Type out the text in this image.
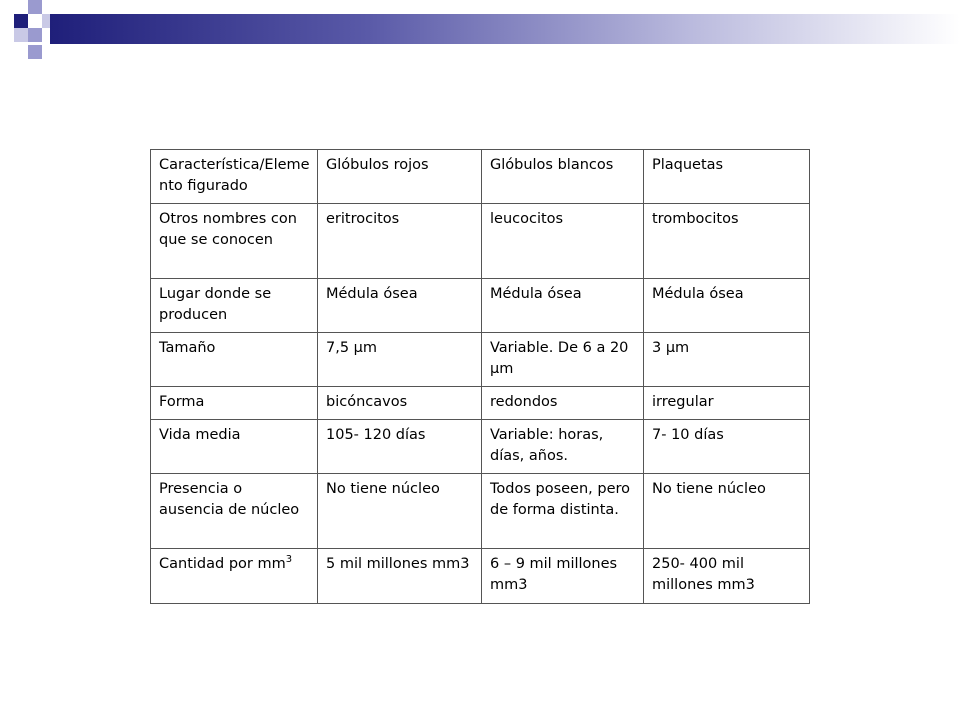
Característica/Elemento figurado	Glóbulos rojos	Glóbulos blancos	Plaquetas
Otros nombres con que se conocen	eritrocitos	leucocitos	trombocitos
Lugar donde se producen	Médula ósea	Médula ósea	Médula ósea
Tamaño	7,5 μm	Variable. De 6 a 20 μm	3 μm
Forma	bicóncavos	redondos	irregular
Vida media	105- 120 días	Variable: horas, días, años.	7- 10 días
Presencia o ausencia de núcleo	No tiene núcleo	Todos poseen, pero de forma distinta.	No tiene núcleo
Cantidad por $mm^3$	5 mil millones mm3	6 – 9 mil millones mm3	250- 400 mil millones mm3
